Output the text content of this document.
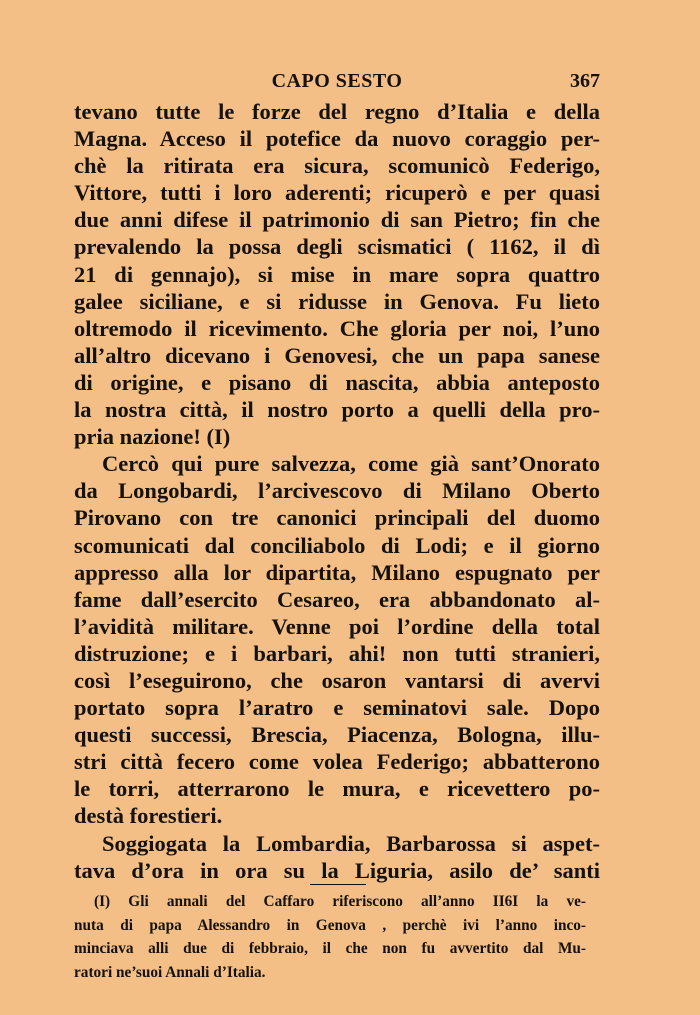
CAPO SESTO	367
tevano tutte le forze del regno d’Italia e della
Magna. Acceso il potefice da nuovo coraggio per-
chè la ritirata era sicura, scomunicò Federigo,
Vittore, tutti i loro aderenti; ricuperò e per quasi
due anni difese il patrimonio di san Pietro; fin che
prevalendo la possa degli scismatici ( 1162, il dì
21 di gennajo), si mise in mare sopra quattro
galee siciliane, e si ridusse in Genova. Fu lieto
oltremodo il ricevimento. Che gloria per noi, l’uno
all’altro dicevano i Genovesi, che un papa sanese
di origine, e pisano di nascita, abbia anteposto
la nostra città, il nostro porto a quelli della pro-
pria nazione! (I)
Cercò qui pure salvezza, come già sant’Onorato
da Longobardi, l’arcivescovo di Milano Oberto
Pirovano con tre canonici principali del duomo
scomunicati dal conciliabolo di Lodi; e il giorno
appresso alla lor dipartita, Milano espugnato per
fame dall’esercito Cesareo, era abbandonato al-
l’avidità militare. Venne poi l’ordine della total
distruzione; e i barbari, ahi! non tutti stranieri,
così l’eseguirono, che osaron vantarsi di avervi
portato sopra l’aratro e seminatovi sale. Dopo
questi successi, Brescia, Piacenza, Bologna, illu-
stri città fecero come volea Federigo; abbatterono
le torri, atterrarono le mura, e ricevettero po-
destà forestieri.
Soggiogata la Lombardia, Barbarossa si aspet-
tava d’ora in ora su la Liguria, asilo de’ santi
(I) Gli annali del Caffaro riferiscono all’anno II6I la ve-
nuta di papa Alessandro in Genova , perchè ivi l’anno inco-
minciava alli due di febbraio, il che non fu avvertito dal Mu-
ratori ne’suoi Annali d’Italia.
